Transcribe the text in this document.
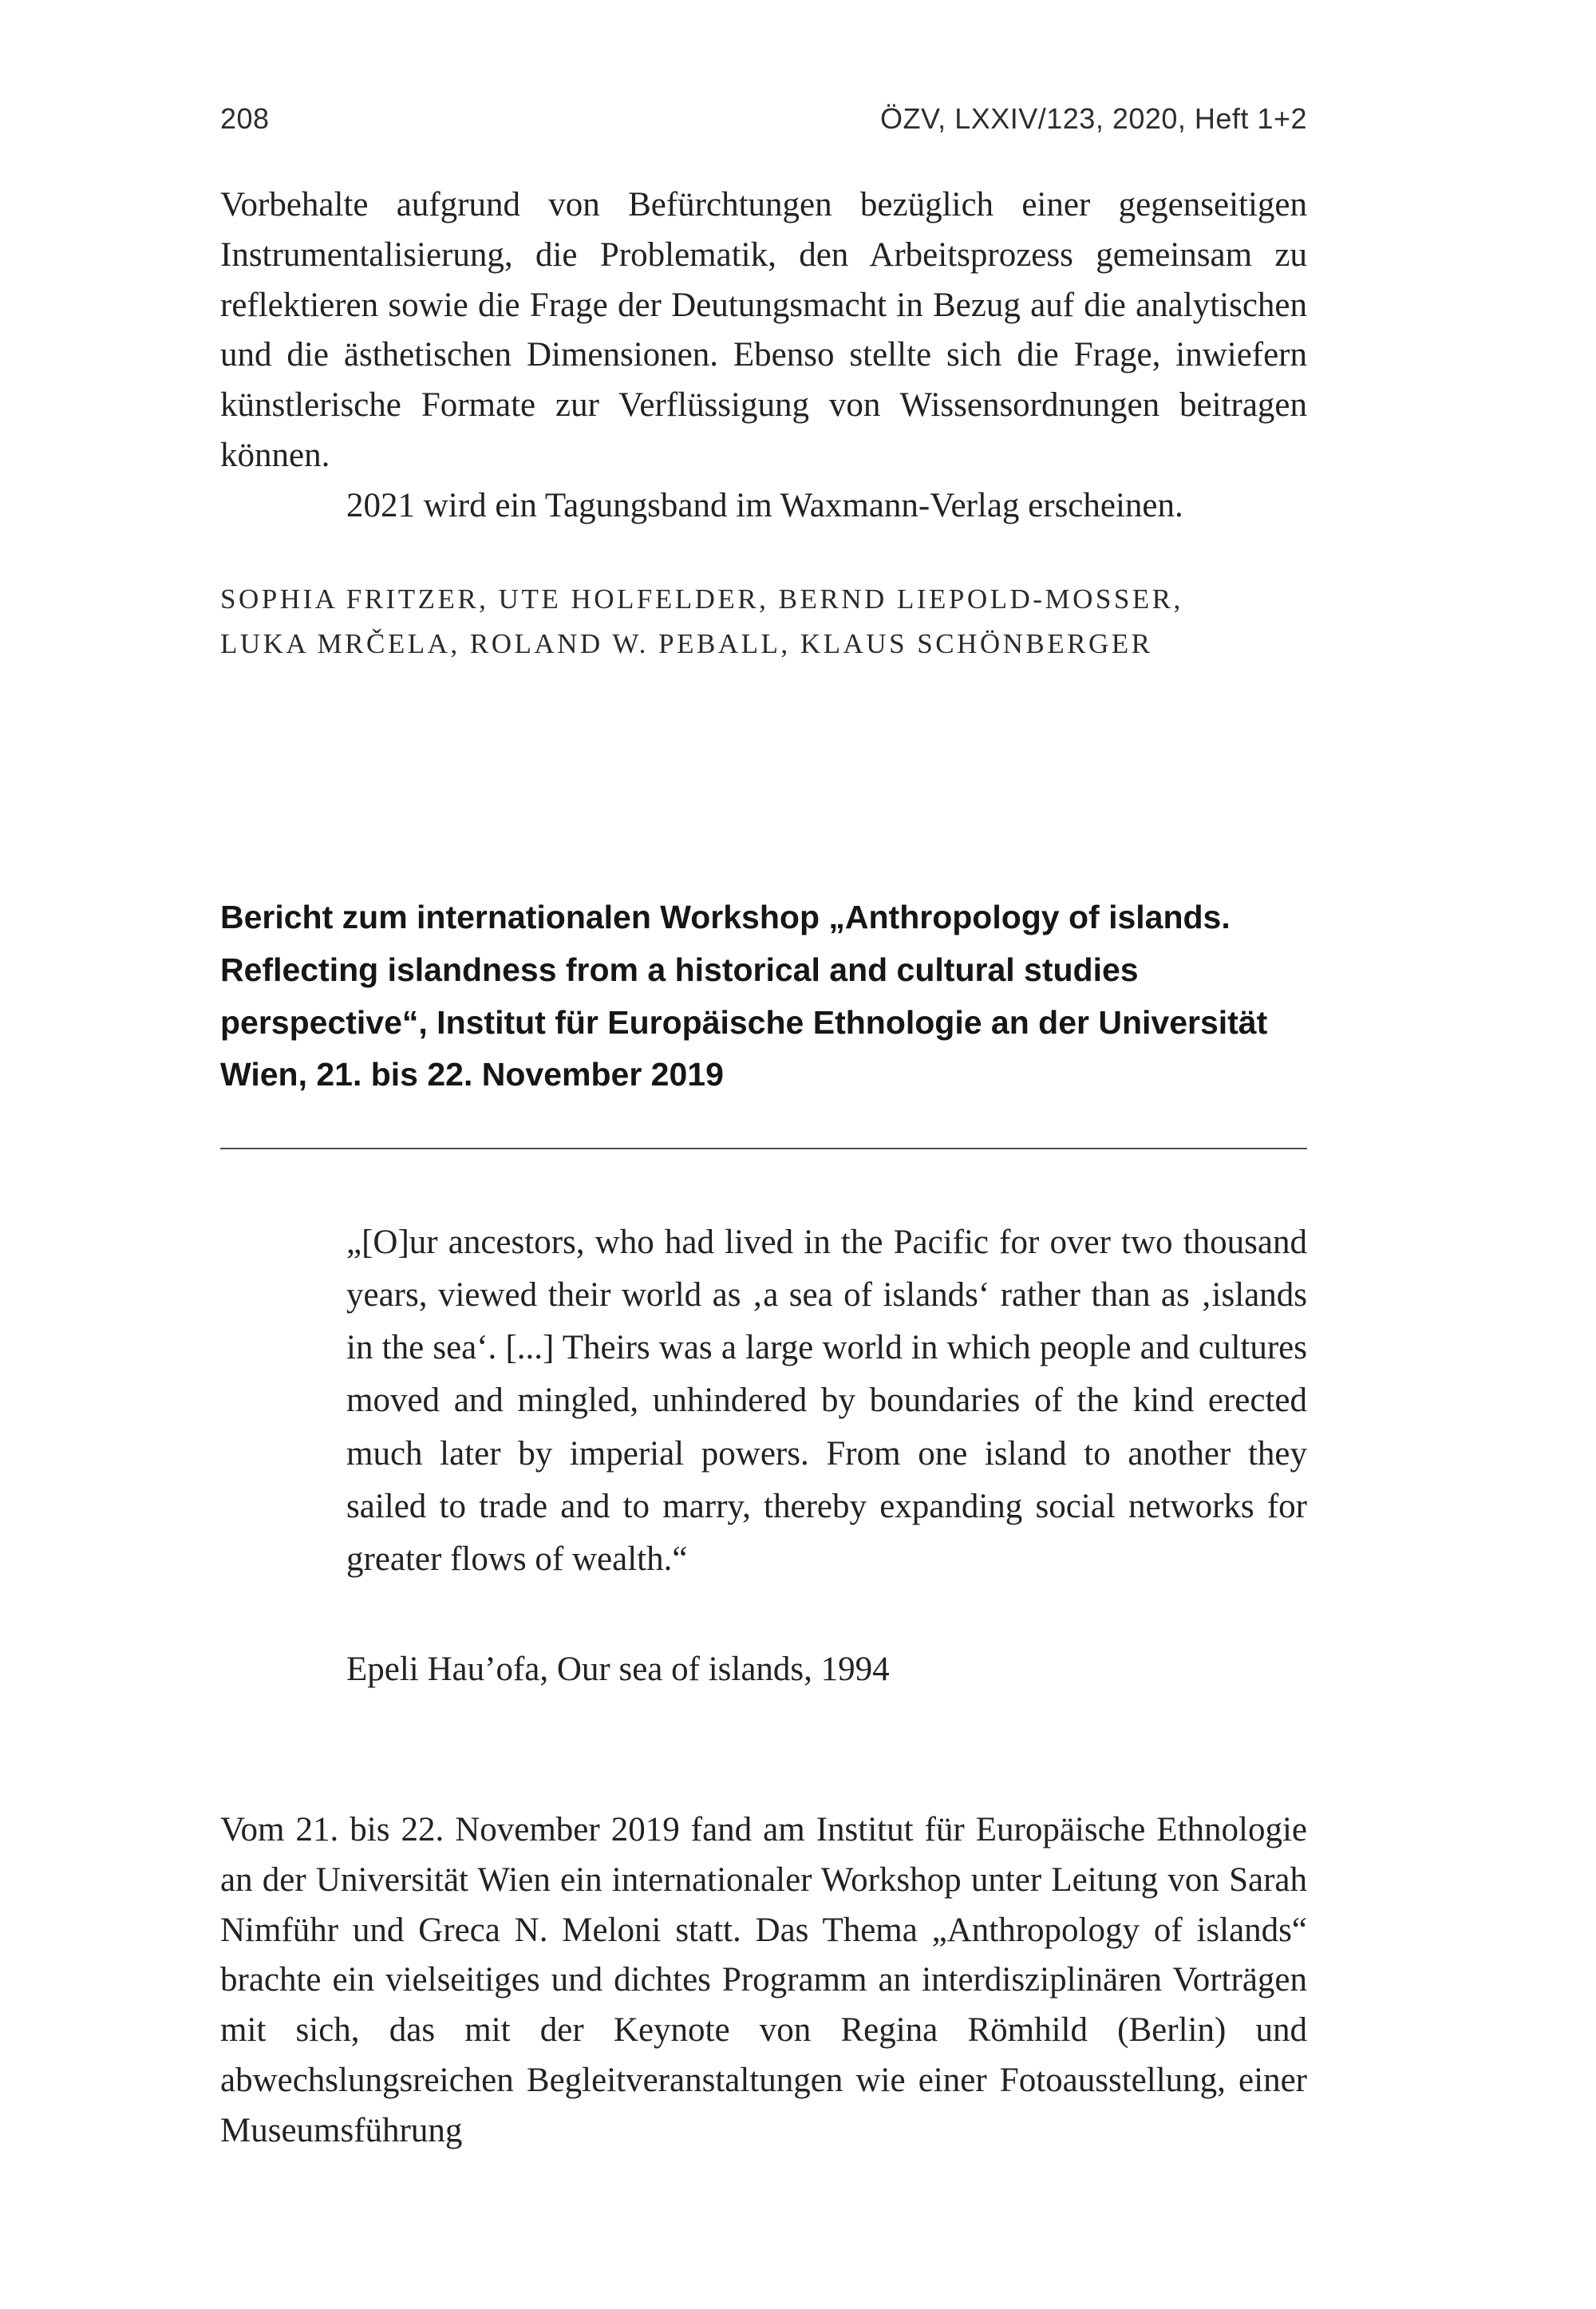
208	ÖZV, LXXIV/123, 2020, Heft 1+2

Vorbehalte aufgrund von Befürchtungen bezüglich einer gegenseitigen Instrumentalisierung, die Problematik, den Arbeitsprozess gemeinsam zu reflektieren sowie die Frage der Deutungsmacht in Bezug auf die analytischen und die ästhetischen Dimensionen. Ebenso stellte sich die Frage, inwiefern künstlerische Formate zur Verflüssigung von Wissensordnungen beitragen können.

2021 wird ein Tagungsband im Waxmann-Verlag erscheinen.

SOPHIA FRITZER, UTE HOLFELDER, BERND LIEPOLD-MOSSER, LUKA MRČELA, ROLAND W. PEBALL, KLAUS SCHÖNBERGER
Bericht zum internationalen Workshop „Anthropology of islands. Reflecting islandness from a historical and cultural studies perspective“, Institut für Europäische Ethnologie an der Universität Wien, 21. bis 22. November 2019
„[O]ur ancestors, who had lived in the Pacific for over two thousand years, viewed their world as ‚a sea of islands‘ rather than as ‚islands in the sea‘. [...] Theirs was a large world in which people and cultures moved and mingled, unhindered by boundaries of the kind erected much later by imperial powers. From one island to another they sailed to trade and to marry, thereby expanding social networks for greater flows of wealth.“
Epeli Hau’ofa, Our sea of islands, 1994

Vom 21. bis 22. November 2019 fand am Institut für Europäische Ethnologie an der Universität Wien ein internationaler Workshop unter Leitung von Sarah Nimführ und Greca N. Meloni statt. Das Thema „Anthropology of islands“ brachte ein vielseitiges und dichtes Programm an interdisziplinären Vorträgen mit sich, das mit der Keynote von Regina Römhild (Berlin) und abwechslungsreichen Begleitveranstaltungen wie einer Fotoausstellung, einer Museumsführung
